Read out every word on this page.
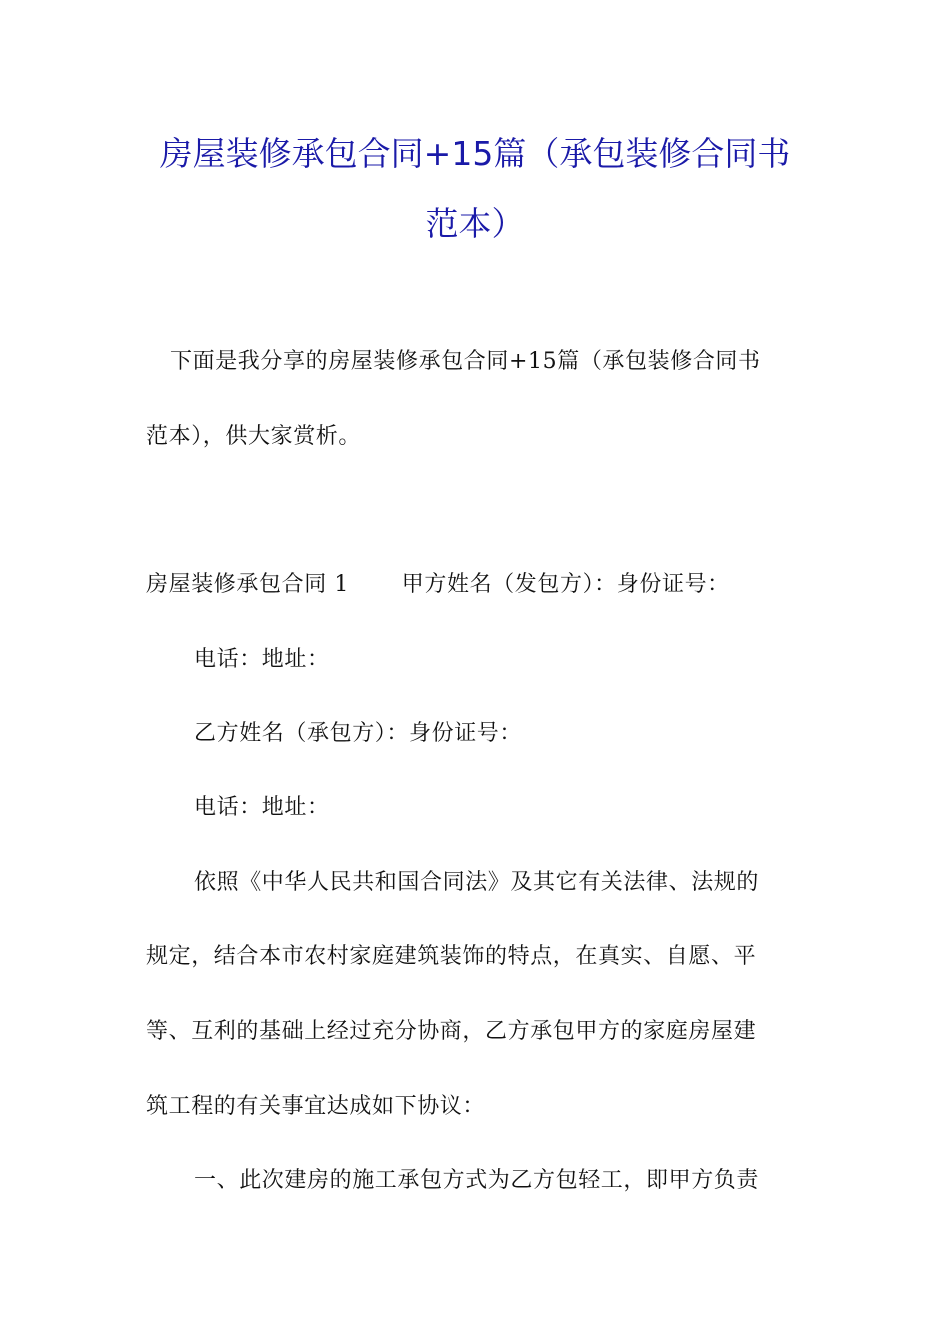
房屋装修承包合同+15篇（承包装修合同书
范本）
下面是我分享的房屋装修承包合同+15篇（承包装修合同书
范本），供大家赏析。
房屋装修承包合同 1　　 甲方姓名（发包方）：身份证号：
电话：地址：
乙方姓名（承包方）：身份证号：
电话：地址：
依照《中华人民共和国合同法》及其它有关法律、法规的
规定，结合本市农村家庭建筑装饰的特点，在真实、自愿、平
等、互利的基础上经过充分协商，乙方承包甲方的家庭房屋建
筑工程的有关事宜达成如下协议：
一、此次建房的施工承包方式为乙方包轻工，即甲方负责
